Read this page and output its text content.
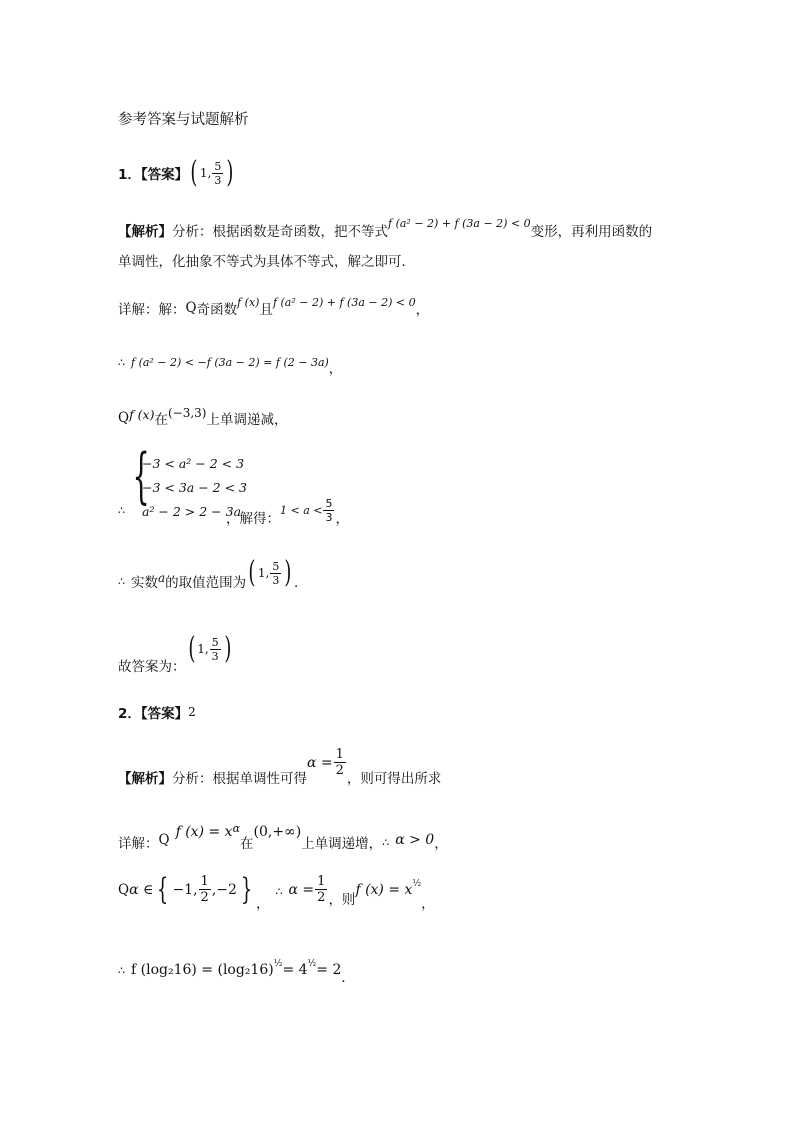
参考答案与试题解析
1．【答案】 ( 1, $\frac{5}{3}$ )
【解析】 分析：根据函数是奇函数，把不等式
f (a² − 2) + f (3a − 2) < 0
变形，再利用函数的
单调性，化抽象不等式为具体不等式，解之即可．
详解：解： Q 奇函数 f (x) 且 f (a² − 2) + f (3a − 2) < 0 ，
∴ f (a² − 2) < −f (3a − 2) = f (2 − 3a) ，
Q f (x) 在 (−3,3) 上单调递减，
∴ {
−3 < a² − 2 < 3
−3 < 3a − 2 < 3
a² − 2 > 2 − 3a
，解得： $1 < a < \frac{5}{3}$ ，
∴ 实数 a 的取值范围为 ( 1, $\frac{5}{3}$ ) ．
故答案为：
( 1, $\frac{5}{3}$ )
2．【答案】 2
【解析】 分析：根据单调性可得
$\alpha = \frac{1}{2}$
，则可得出所求
详解： Q f $(x) = x^\alpha$
在
(0,+∞)
上单调递增， ∴ α > 0 ，
Q α ∈ { −1, $\frac{1}{2} ,-2$ } ，
∴ $\alpha = \frac{1}{2}$ ，则
f $(x) = x^{\frac{1}{2}}$
，
∴ f $(\log_216) = (\log_216)^{\frac{1}{2}} = 4^{\frac{1}{2}} = 2$ ．
